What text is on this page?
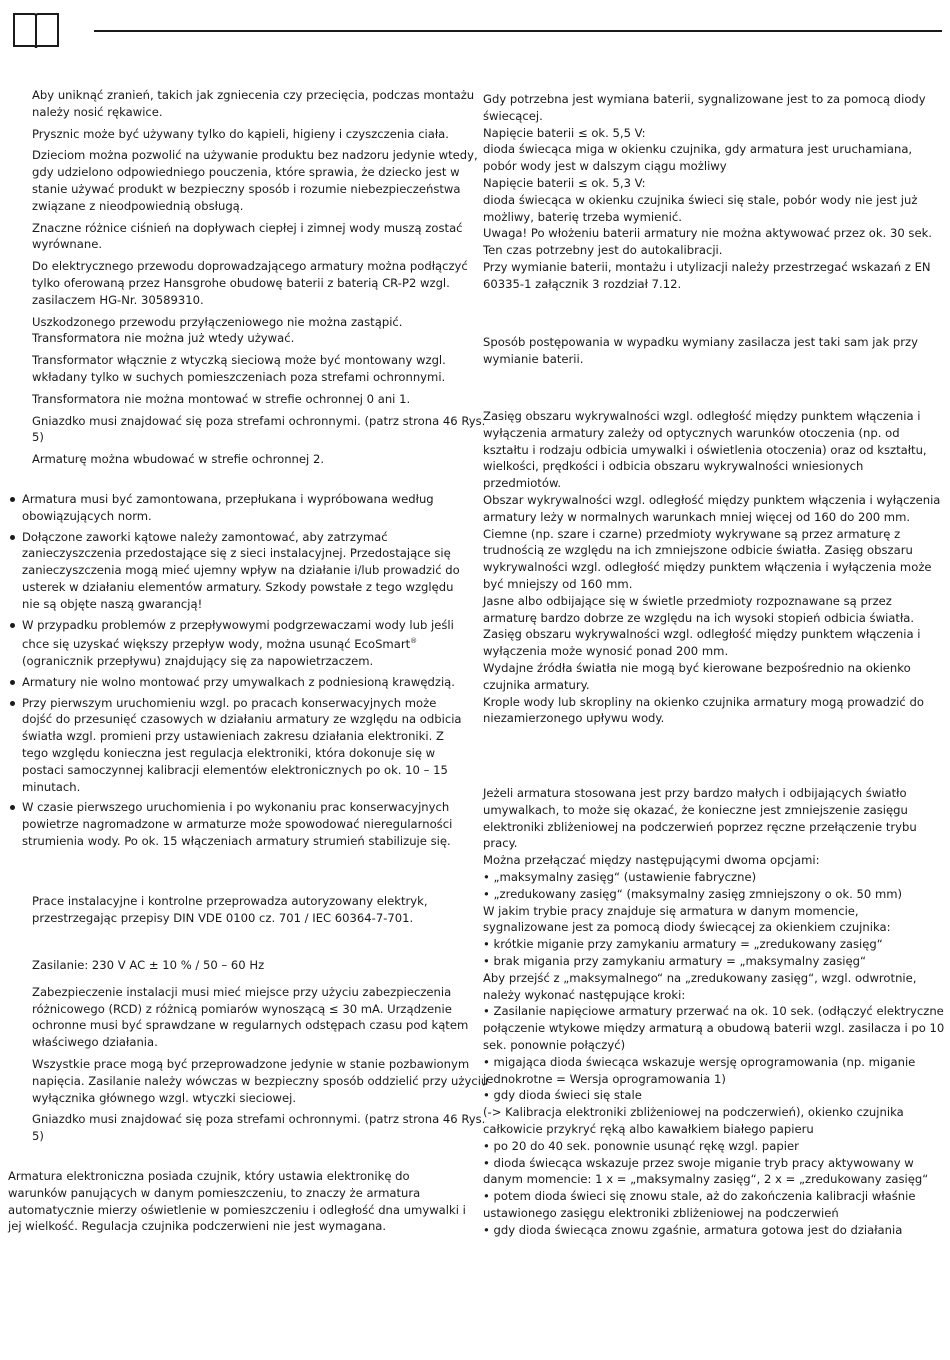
Aby uniknąć zranień, takich jak zgniecenia czy przecięcia, podczas montażu należy nosić rękawice.

Prysznic może być używany tylko do kąpieli, higieny i czyszczenia ciała.

Dzieciom można pozwolić na używanie produktu bez nadzoru jedynie wtedy, gdy udzielono odpowiedniego pouczenia, które sprawia, że dziecko jest w stanie używać produkt w bezpieczny sposób i rozumie niebezpieczeństwa związane z nieodpowiednią obsługą.

Znaczne różnice ciśnień na dopływach ciepłej i zimnej wody muszą zostać wyrównane.

Do elektrycznego przewodu doprowadzającego armatury można podłączyć tylko oferowaną przez Hansgrohe obudowę baterii z baterią CR-P2 wzgl. zasilaczem HG-Nr. 30589310.

Uszkodzonego przewodu przyłączeniowego nie można zastąpić. Transformatora nie można już wtedy używać.

Transformator włącznie z wtyczką sieciową może być montowany wzgl. wkładany tylko w suchych pomieszczeniach poza strefami ochronnymi.

Transformatora nie można montować w strefie ochronnej 0 ani 1.

Gniazdko musi znajdować się poza strefami ochronnymi. (patrz strona 46 Rys. 5)

Armaturę można wbudować w strefie ochronnej 2.

Armatura musi być zamontowana, przepłukana i wypróbowana według obowiązujących norm.
Dołączone zaworki kątowe należy zamontować, aby zatrzymać zanieczyszczenia przedostające się z sieci instalacyjnej. Przedostające się zanieczyszczenia mogą mieć ujemny wpływ na działanie i/lub prowadzić do usterek w działaniu elementów armatury. Szkody powstałe z tego względu nie są objęte naszą gwarancją!
W przypadku problemów z przepływowymi podgrzewaczami wody lub jeśli chce się uzyskać większy przepływ wody, można usunąć EcoSmart® (ogranicznik przepływu) znajdujący się za napowietrzaczem.
Armatury nie wolno montować przy umywalkach z podniesioną krawędzią.
Przy pierwszym uruchomieniu wzgl. po pracach konserwacyjnych może dojść do przesunięć czasowych w działaniu armatury ze względu na odbicia światła wzgl. promieni przy ustawieniach zakresu działania elektroniki. Z tego względu konieczna jest regulacja elektroniki, która dokonuje się w postaci samoczynnej kalibracji elementów elektronicznych po ok. 10 – 15 minutach.
W czasie pierwszego uruchomienia i po wykonaniu prac konserwacyjnych powietrze nagromadzone w armaturze może spowodować nieregularności strumienia wody. Po ok. 15 włączeniach armatury strumień stabilizuje się.

Prace instalacyjne i kontrolne przeprowadza autoryzowany elektryk, przestrzegając przepisy DIN VDE 0100 cz. 701 / IEC 60364-7-701.

Zasilanie: 230 V AC ± 10 % / 50 – 60 Hz

Zabezpieczenie instalacji musi mieć miejsce przy użyciu zabezpieczenia różnicowego (RCD) z różnicą pomiarów wynoszącą ≤ 30 mA. Urządzenie ochronne musi być sprawdzane w regularnych odstępach czasu pod kątem właściwego działania.

Wszystkie prace mogą być przeprowadzone jedynie w stanie pozbawionym napięcia. Zasilanie należy wówczas w bezpieczny sposób oddzielić przy użyciu wyłącznika głównego wzgl. wtyczki sieciowej.

Gniazdko musi znajdować się poza strefami ochronnymi. (patrz strona 46 Rys. 5)

Armatura elektroniczna posiada czujnik, który ustawia elektronikę do warunków panujących w danym pomieszczeniu, to znaczy że armatura automatycznie mierzy oświetlenie w pomieszczeniu i odległość dna umywalki i jej wielkość. Regulacja czujnika podczerwieni nie jest wymagana.

Gdy potrzebna jest wymiana baterii, sygnalizowane jest to za pomocą diody świecącej.

Napięcie baterii ≤ ok. 5,5 V:

dioda świecąca miga w okienku czujnika, gdy armatura jest uruchamiana, pobór wody jest w dalszym ciągu możliwy

Napięcie baterii ≤ ok. 5,3 V:

dioda świecąca w okienku czujnika świeci się stale, pobór wody nie jest już możliwy, baterię trzeba wymienić.

Uwaga! Po włożeniu baterii armatury nie można aktywować przez ok. 30 sek. Ten czas potrzebny jest do autokalibracji.

Przy wymianie baterii, montażu i utylizacji należy przestrzegać wskazań z EN 60335-1 załącznik 3 rozdział 7.12.

Sposób postępowania w wypadku wymiany zasilacza jest taki sam jak przy wymianie baterii.

Zasięg obszaru wykrywalności wzgl. odległość między punktem włączenia i wyłączenia armatury zależy od optycznych warunków otoczenia (np. od kształtu i rodzaju odbicia umywalki i oświetlenia otoczenia) oraz od kształtu, wielkości, prędkości i odbicia obszaru wykrywalności wniesionych przedmiotów.

Obszar wykrywalności wzgl. odległość między punktem włączenia i wyłączenia armatury leży w normalnych warunkach mniej więcej od 160 do 200 mm.

Ciemne (np. szare i czarne) przedmioty wykrywane są przez armaturę z trudnością ze względu na ich zmniejszone odbicie światła. Zasięg obszaru wykrywalności wzgl. odległość między punktem włączenia i wyłączenia może być mniejszy od 160 mm.

Jasne albo odbijające się w świetle przedmioty rozpoznawane są przez armaturę bardzo dobrze ze względu na ich wysoki stopień odbicia światła. Zasięg obszaru wykrywalności wzgl. odległość między punktem włączenia i wyłączenia może wynosić ponad 200 mm.

Wydajne źródła światła nie mogą być kierowane bezpośrednio na okienko czujnika armatury.

Krople wody lub skropliny na okienko czujnika armatury mogą prowadzić do niezamierzonego upływu wody.

Jeżeli armatura stosowana jest przy bardzo małych i odbijających światło umywalkach, to może się okazać, że konieczne jest zmniejszenie zasięgu elektroniki zbliżeniowej na podczerwień poprzez ręczne przełączenie trybu pracy.

Można przełączać między następującymi dwoma opcjami:

• „maksymalny zasięg“ (ustawienie fabryczne)

• „zredukowany zasięg“ (maksymalny zasięg zmniejszony o ok. 50 mm)

W jakim trybie pracy znajduje się armatura w danym momencie, sygnalizowane jest za pomocą diody świecącej za okienkiem czujnika:

• krótkie miganie przy zamykaniu armatury = „zredukowany zasięg“

• brak migania przy zamykaniu armatury = „maksymalny zasięg“

Aby przejść z „maksymalnego“ na „zredukowany zasięg“, wzgl. odwrotnie, należy wykonać następujące kroki:

• Zasilanie napięciowe armatury przerwać na ok. 10 sek. (odłączyć elektryczne połączenie wtykowe między armaturą a obudową baterii wzgl. zasilacza i po 10 sek. ponownie połączyć)

• migająca dioda świecąca wskazuje wersję oprogramowania (np. miganie jednokrotne = Wersja oprogramowania 1)

• gdy dioda świeci się stale

(-> Kalibracja elektroniki zbliżeniowej na podczerwień), okienko czujnika całkowicie przykryć ręką albo kawałkiem białego papieru

• po 20 do 40 sek. ponownie usunąć rękę wzgl. papier

• dioda świecąca wskazuje przez swoje miganie tryb pracy aktywowany w danym momencie: 1 x = „maksymalny zasięg“, 2 x = „zredukowany zasięg“

• potem dioda świeci się znowu stale, aż do zakończenia kalibracji właśnie ustawionego zasięgu elektroniki zbliżeniowej na podczerwień

• gdy dioda świecąca znowu zgaśnie, armatura gotowa jest do działania
